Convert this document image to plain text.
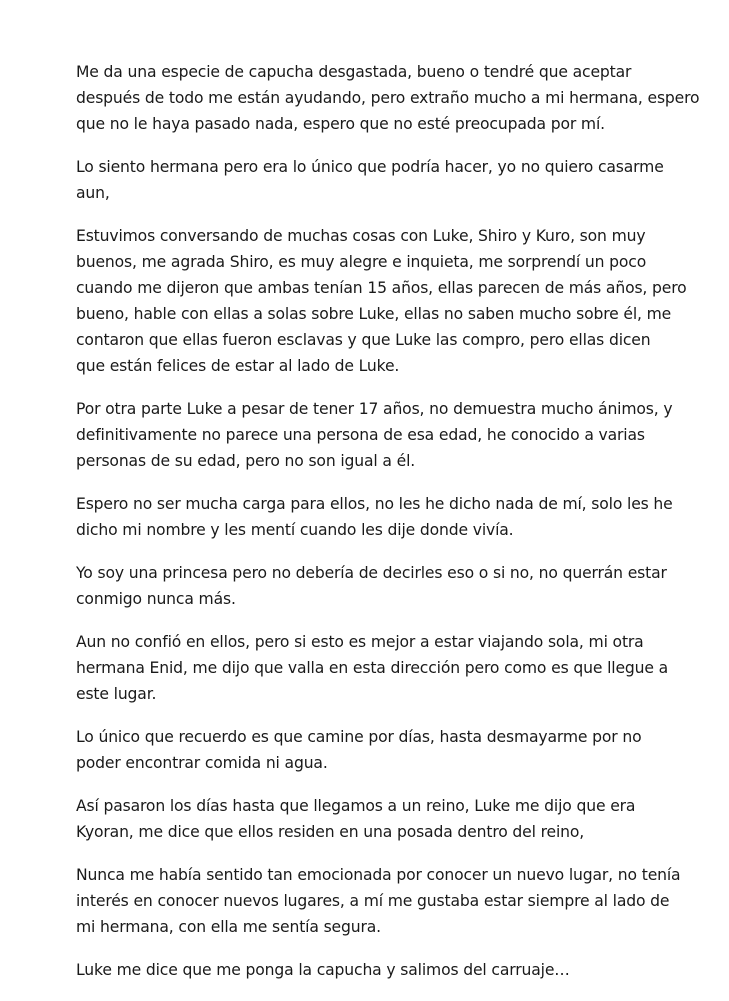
Me da una especie de capucha desgastada, bueno o tendré que aceptar
después de todo me están ayudando, pero extraño mucho a mi hermana, espero
que no le haya pasado nada, espero que no esté preocupada por mí.

Lo siento hermana pero era lo único que podría hacer, yo no quiero casarme
aun,

Estuvimos conversando de muchas cosas con Luke, Shiro y Kuro, son muy
buenos, me agrada Shiro, es muy alegre e inquieta, me sorprendí un poco
cuando me dijeron que ambas tenían 15 años, ellas parecen de más años, pero
bueno, hable con ellas a solas sobre Luke, ellas no saben mucho sobre él, me
contaron que ellas fueron esclavas y que Luke las compro, pero ellas dicen
que están felices de estar al lado de Luke.

Por otra parte Luke a pesar de tener 17 años, no demuestra mucho ánimos, y
definitivamente no parece una persona de esa edad, he conocido a varias
personas de su edad, pero no son igual a él.

Espero no ser mucha carga para ellos, no les he dicho nada de mí, solo les he
dicho mi nombre y les mentí cuando les dije donde vivía.

Yo soy una princesa pero no debería de decirles eso o si no, no querrán estar
conmigo nunca más.

Aun no confió en ellos, pero si esto es mejor a estar viajando sola, mi otra
hermana Enid, me dijo que valla en esta dirección pero como es que llegue a
este lugar.

Lo único que recuerdo es que camine por días, hasta desmayarme por no
poder encontrar comida ni agua.

Así pasaron los días hasta que llegamos a un reino, Luke me dijo que era
Kyoran, me dice que ellos residen en una posada dentro del reino,

Nunca me había sentido tan emocionada por conocer un nuevo lugar, no tenía
interés en conocer nuevos lugares, a mí me gustaba estar siempre al lado de
mi hermana, con ella me sentía segura.

Luke me dice que me ponga la capucha y salimos del carruaje…
